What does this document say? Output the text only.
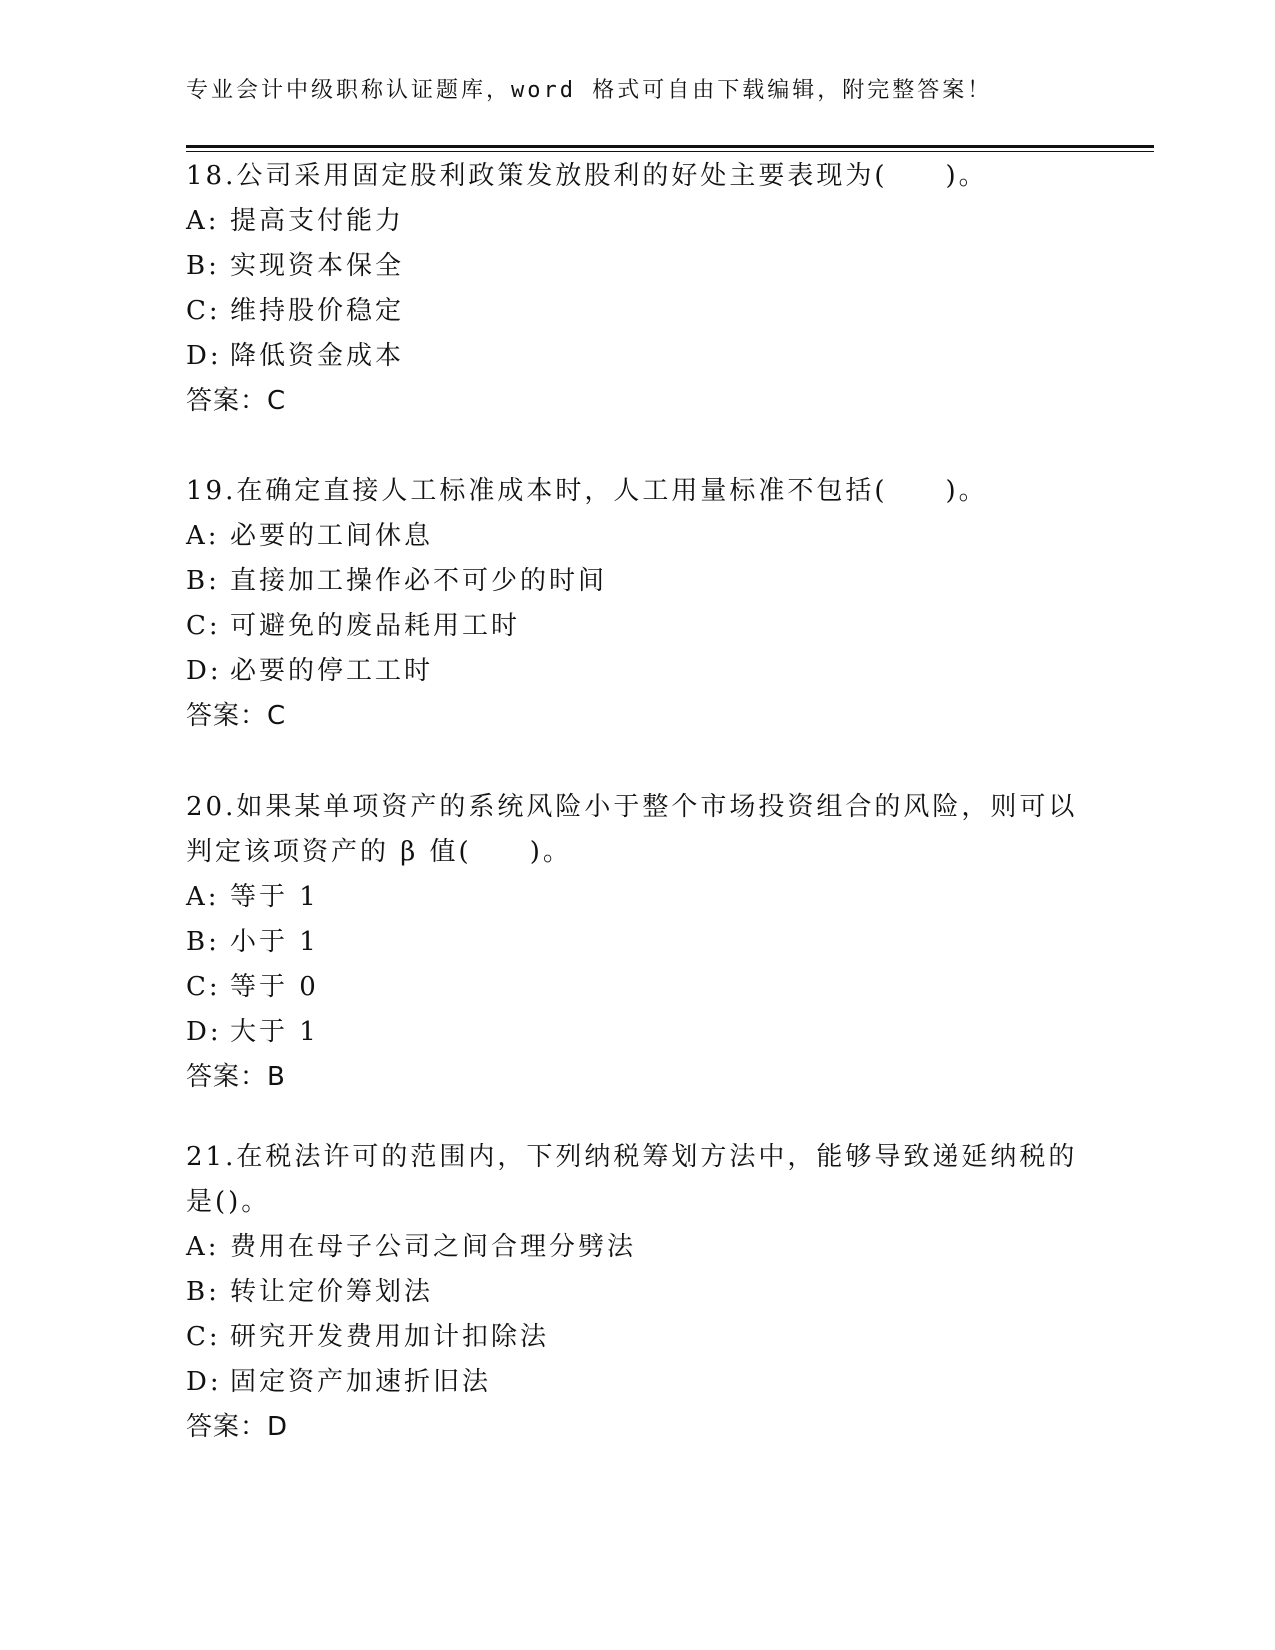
专业会计中级职称认证题库，word 格式可自由下载编辑，附完整答案！

18.公司采用固定股利政策发放股利的好处主要表现为(　　)。

A: 提高支付能力

B: 实现资本保全

C: 维持股价稳定

D: 降低资金成本

答案：C

19.在确定直接人工标准成本时，人工用量标准不包括(　　)。

A: 必要的工间休息

B: 直接加工操作必不可少的时间

C: 可避免的废品耗用工时

D: 必要的停工工时

答案：C

20.如果某单项资产的系统风险小于整个市场投资组合的风险，则可以判定该项资产的 β 值(　　)。

A: 等于 1

B: 小于 1

C: 等于 0

D: 大于 1

答案：B

21.在税法许可的范围内，下列纳税筹划方法中，能够导致递延纳税的是()。

A: 费用在母子公司之间合理分劈法

B: 转让定价筹划法

C: 研究开发费用加计扣除法

D: 固定资产加速折旧法

答案：D
